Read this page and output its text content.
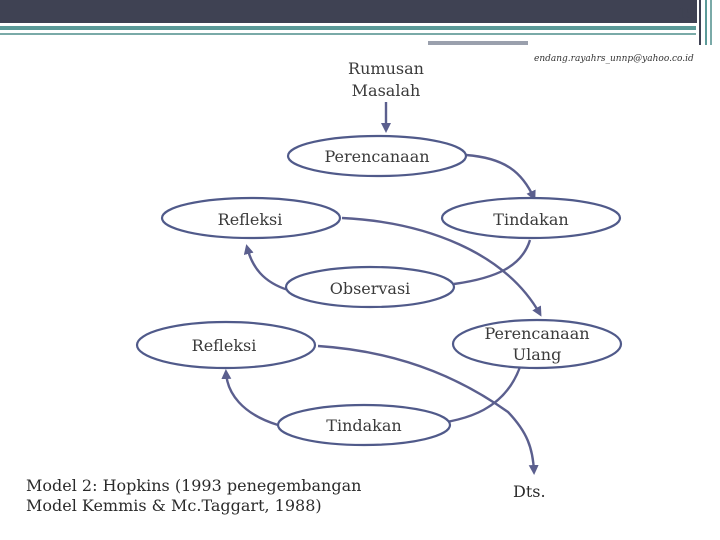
15
endang.rayahrs_unnp@yahoo.co.id
Rumusan
Masalah
Perencanaan
Tindakan
Refleksi
Observasi
Perencanaan
Ulang
Refleksi
Tindakan
Dts.
Model 2: Hopkins (1993 penegembangan
Model Kemmis & Mc.Taggart, 1988)
